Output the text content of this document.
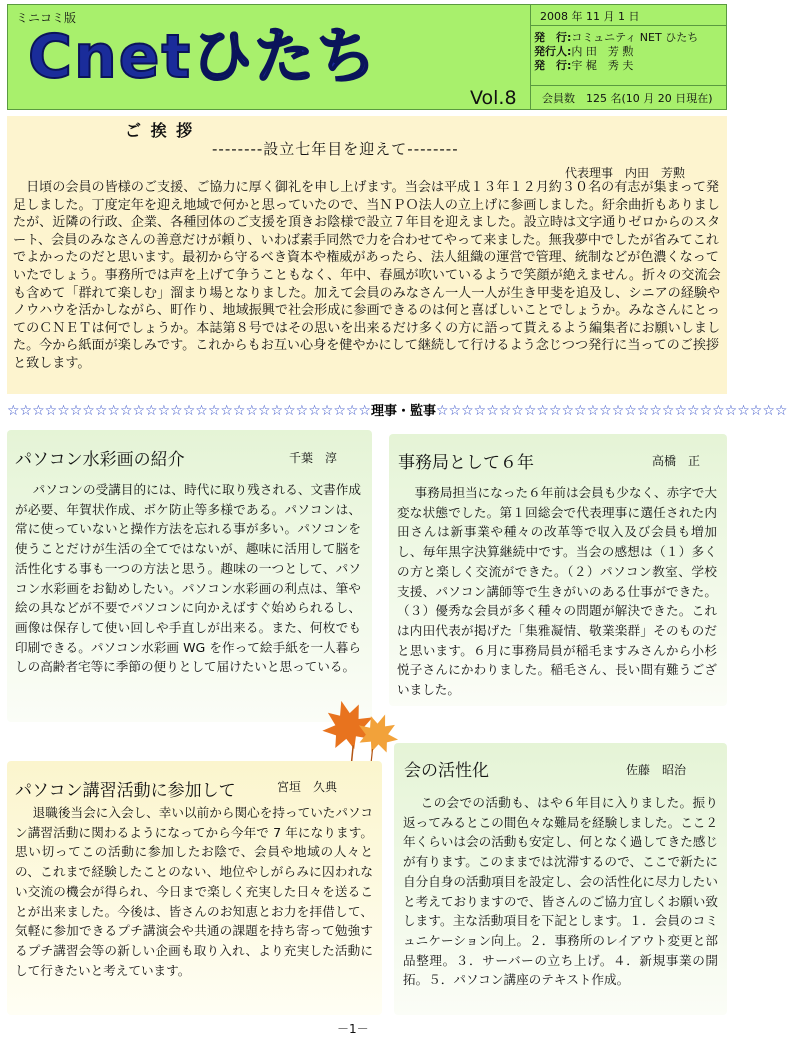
ミニコミ版
Cnetひたち
Vol.8
2008 年 11 月 1 日
発　行:コミュニティ NET ひたち
発行人:内 田　芳 勲
発　行:宇 梶　秀 夫
会員数　125 名(10 月 20 日現在)
ご 挨 拶
--------設立七年目を迎えて--------
代表理事　内田　芳勲
日頃の会員の皆様のご支援、ご協力に厚く御礼を申し上げます。当会は平成１３年１２月約３０名の有志が集まって発足しました。丁度定年を迎え地域で何かと思っていたので、当ＮＰＯ法人の立上げに参画しました。紆余曲折もありましたが、近隣の行政、企業、各種団体のご支援を頂きお陰様で設立７年目を迎えました。設立時は文字通りゼロからのスタート、会員のみなさんの善意だけが頼り、いわば素手同然で力を合わせてやって来ました。無我夢中でしたが省みてこれでよかったのだと思います。最初から守るべき資本や権威があったら、法人組織の運営で管理、統制などが色濃くなっていたでしょう。事務所では声を上げて争うこともなく、年中、春風が吹いているようで笑顔が絶えません。折々の交流会も含めて「群れて楽しむ」溜まり場となりました。加えて会員のみなさん一人一人が生き甲斐を追及し、シニアの経験やノウハウを活かしながら、町作り、地域振興で社会形成に参画できるのは何と喜ばしいことでしょうか。みなさんにとってのＣＮＥＴは何でしょうか。本誌第８号ではその思いを出来るだけ多くの方に語って貰えるよう編集者にお願いしました。今から紙面が楽しみです。これからもお互い心身を健やかにして継続して行けるよう念じつつ発行に当ってのご挨拶と致します。
☆☆☆☆☆☆☆☆☆☆☆☆☆☆☆☆☆☆☆☆☆☆☆☆☆☆☆☆☆理事・監事☆☆☆☆☆☆☆☆☆☆☆☆☆☆☆☆☆☆☆☆☆☆☆☆☆☆☆☆
パソコン水彩画の紹介	千葉　淳
パソコンの受講目的には、時代に取り残される、文書作成が必要、年賀状作成、ボケ防止等多様である。パソコンは、常に使っていないと操作方法を忘れる事が多い。パソコンを使うことだけが生活の全てではないが、趣味に活用して脳を活性化する事も一つの方法と思う。趣味の一つとして、パソコン水彩画をお勧めしたい。パソコン水彩画の利点は、筆や絵の具などが不要でパソコンに向かえばすぐ始められるし、画像は保存して使い回しや手直しが出来る。また、何枚でも印刷できる。パソコン水彩画 WG を作って絵手紙を一人暮らしの高齢者宅等に季節の便りとして届けたいと思っている。
事務局として６年	高橋　正
事務局担当になった６年前は会員も少なく、赤字で大変な状態でした。第１回総会で代表理事に選任された内田さんは新事業や種々の改革等で収入及び会員も増加し、毎年黒字決算継続中です。当会の感想は（１）多くの方と楽しく交流ができた。（２）パソコン教室、学校支援、パソコン講師等で生きがいのある仕事ができた。（３）優秀な会員が多く種々の問題が解決できた。これは内田代表が掲げた「集雅凝情、敬業楽群」そのものだと思います。６月に事務局員が稲毛ますみさんから小杉悦子さんにかわりました。稲毛さん、長い間有難うございました。
パソコン講習活動に参加して	宮垣　久典
退職後当会に入会し、幸い以前から関心を持っていたパソコン講習活動に関わるようになってから今年で 7 年になります。思い切ってこの活動に参加したお陰で、会員や地域の人々との、これまで経験したことのない、地位やしがらみに囚われない交流の機会が得られ、今日まで楽しく充実した日々を送ることが出来ました。今後は、皆さんのお知恵とお力を拝借して、気軽に参加できるプチ講演会や共通の課題を持ち寄って勉強するプチ講習会等の新しい企画も取り入れ、より充実した活動にして行きたいと考えています。
会の活性化	佐藤　昭治
この会での活動も、はや６年目に入りました。振り返ってみるとこの間色々な難局を経験しました。ここ２年くらいは会の活動も安定し、何となく過してきた感じが有ります。このままでは沈滞するので、ここで新たに自分自身の活動項目を設定し、会の活性化に尽力したいと考えておりますので、皆さんのご協力宜しくお願い致します。主な活動項目を下記とします。１．会員のコミュニケーション向上。２．事務所のレイアウト変更と部品整理。３．サーバーの立ち上げ。４．新規事業の開拓。５．パソコン講座のテキスト作成。
－1－
